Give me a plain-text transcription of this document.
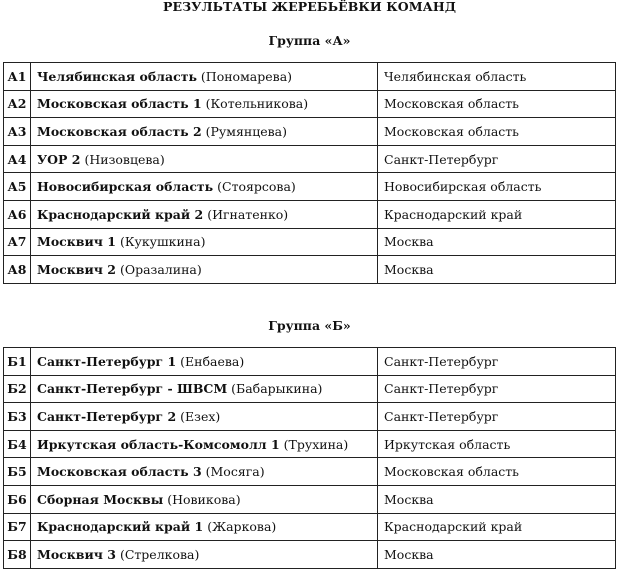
РЕЗУЛЬТАТЫ ЖЕРЕБЬЁВКИ КОМАНД
Группа «А»
А1	Челябинская область (Пономарева)	Челябинская область
А2	Московская область 1 (Котельникова)	Московская область
А3	Московская область 2 (Румянцева)	Московская область
А4	УОР 2 (Низовцева)	Санкт-Петербург
А5	Новосибирская область (Стоярсова)	Новосибирская область
А6	Краснодарский край 2 (Игнатенко)	Краснодарский край
А7	Москвич 1 (Кукушкина)	Москва
А8	Москвич 2 (Оразалина)	Москва
Группа «Б»
Б1	Санкт-Петербург 1 (Енбаева)	Санкт-Петербург
Б2	Санкт-Петербург - ШВСМ (Бабарыкина)	Санкт-Петербург
Б3	Санкт-Петербург 2 (Езех)	Санкт-Петербург
Б4	Иркутская область-Комсомолл 1 (Трухина)	Иркутская область
Б5	Московская область 3 (Мосяга)	Московская область
Б6	Сборная Москвы (Новикова)	Москва
Б7	Краснодарский край 1 (Жаркова)	Краснодарский край
Б8	Москвич 3 (Стрелкова)	Москва
